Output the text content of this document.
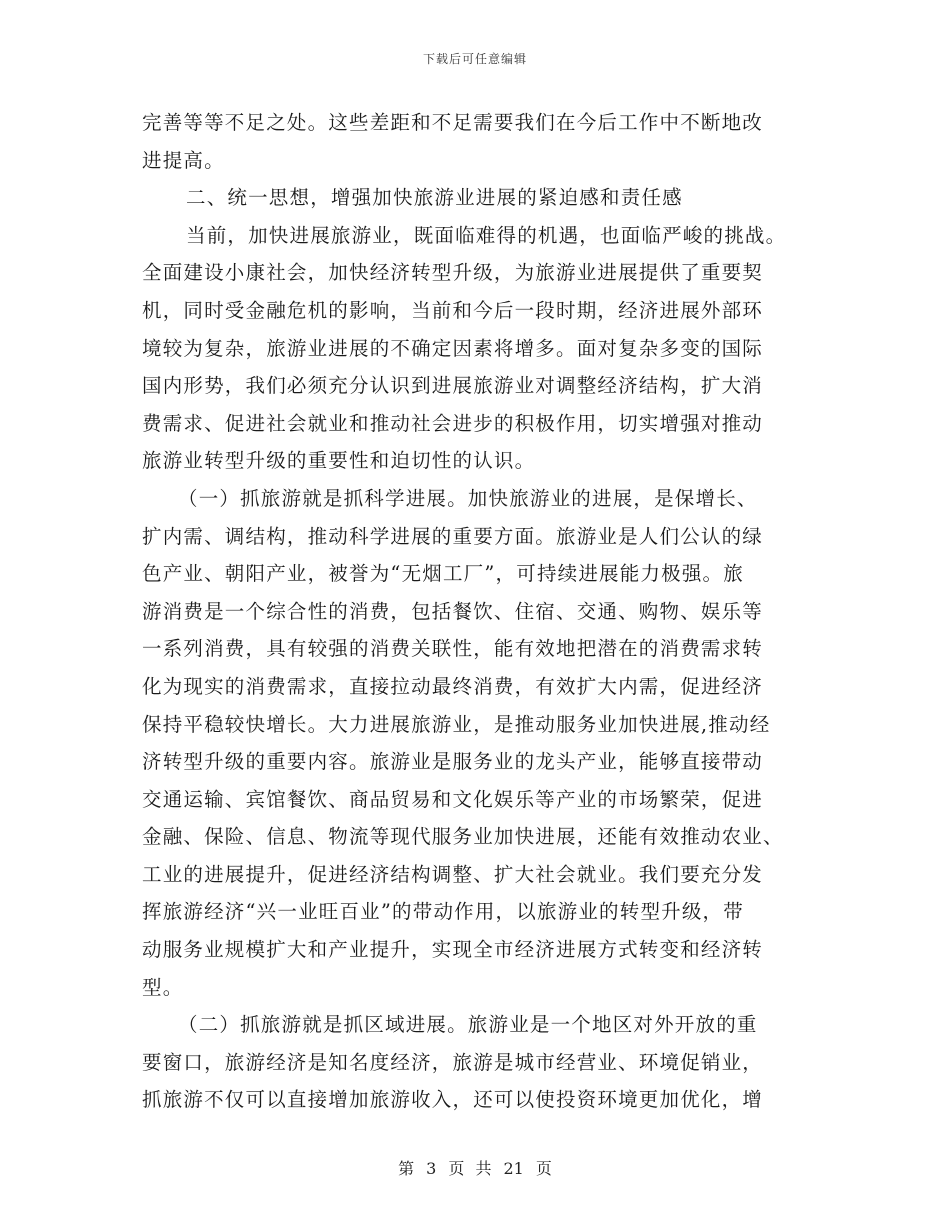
下载后可任意编辑
完善等等不足之处。这些差距和不足需要我们在今后工作中不断地改
进提高。
二、统一思想，增强加快旅游业进展的紧迫感和责任感
当前，加快进展旅游业，既面临难得的机遇，也面临严峻的挑战。
全面建设小康社会，加快经济转型升级，为旅游业进展提供了重要契
机，同时受金融危机的影响，当前和今后一段时期，经济进展外部环
境较为复杂，旅游业进展的不确定因素将增多。面对复杂多变的国际
国内形势，我们必须充分认识到进展旅游业对调整经济结构，扩大消
费需求、促进社会就业和推动社会进步的积极作用，切实增强对推动
旅游业转型升级的重要性和迫切性的认识。
（一）抓旅游就是抓科学进展。加快旅游业的进展，是保增长、
扩内需、调结构，推动科学进展的重要方面。旅游业是人们公认的绿
色产业、朝阳产业，被誉为“无烟工厂”，可持续进展能力极强。旅
游消费是一个综合性的消费，包括餐饮、住宿、交通、购物、娱乐等
一系列消费，具有较强的消费关联性，能有效地把潜在的消费需求转
化为现实的消费需求，直接拉动最终消费，有效扩大内需，促进经济
保持平稳较快增长。大力进展旅游业，是推动服务业加快进展,推动经
济转型升级的重要内容。旅游业是服务业的龙头产业，能够直接带动
交通运输、宾馆餐饮、商品贸易和文化娱乐等产业的市场繁荣，促进
金融、保险、信息、物流等现代服务业加快进展，还能有效推动农业、
工业的进展提升，促进经济结构调整、扩大社会就业。我们要充分发
挥旅游经济“兴一业旺百业”的带动作用，以旅游业的转型升级，带
动服务业规模扩大和产业提升，实现全市经济进展方式转变和经济转
型。
（二）抓旅游就是抓区域进展。旅游业是一个地区对外开放的重
要窗口，旅游经济是知名度经济，旅游是城市经营业、环境促销业，
抓旅游不仅可以直接增加旅游收入，还可以使投资环境更加优化，增
第 3 页 共 21 页
